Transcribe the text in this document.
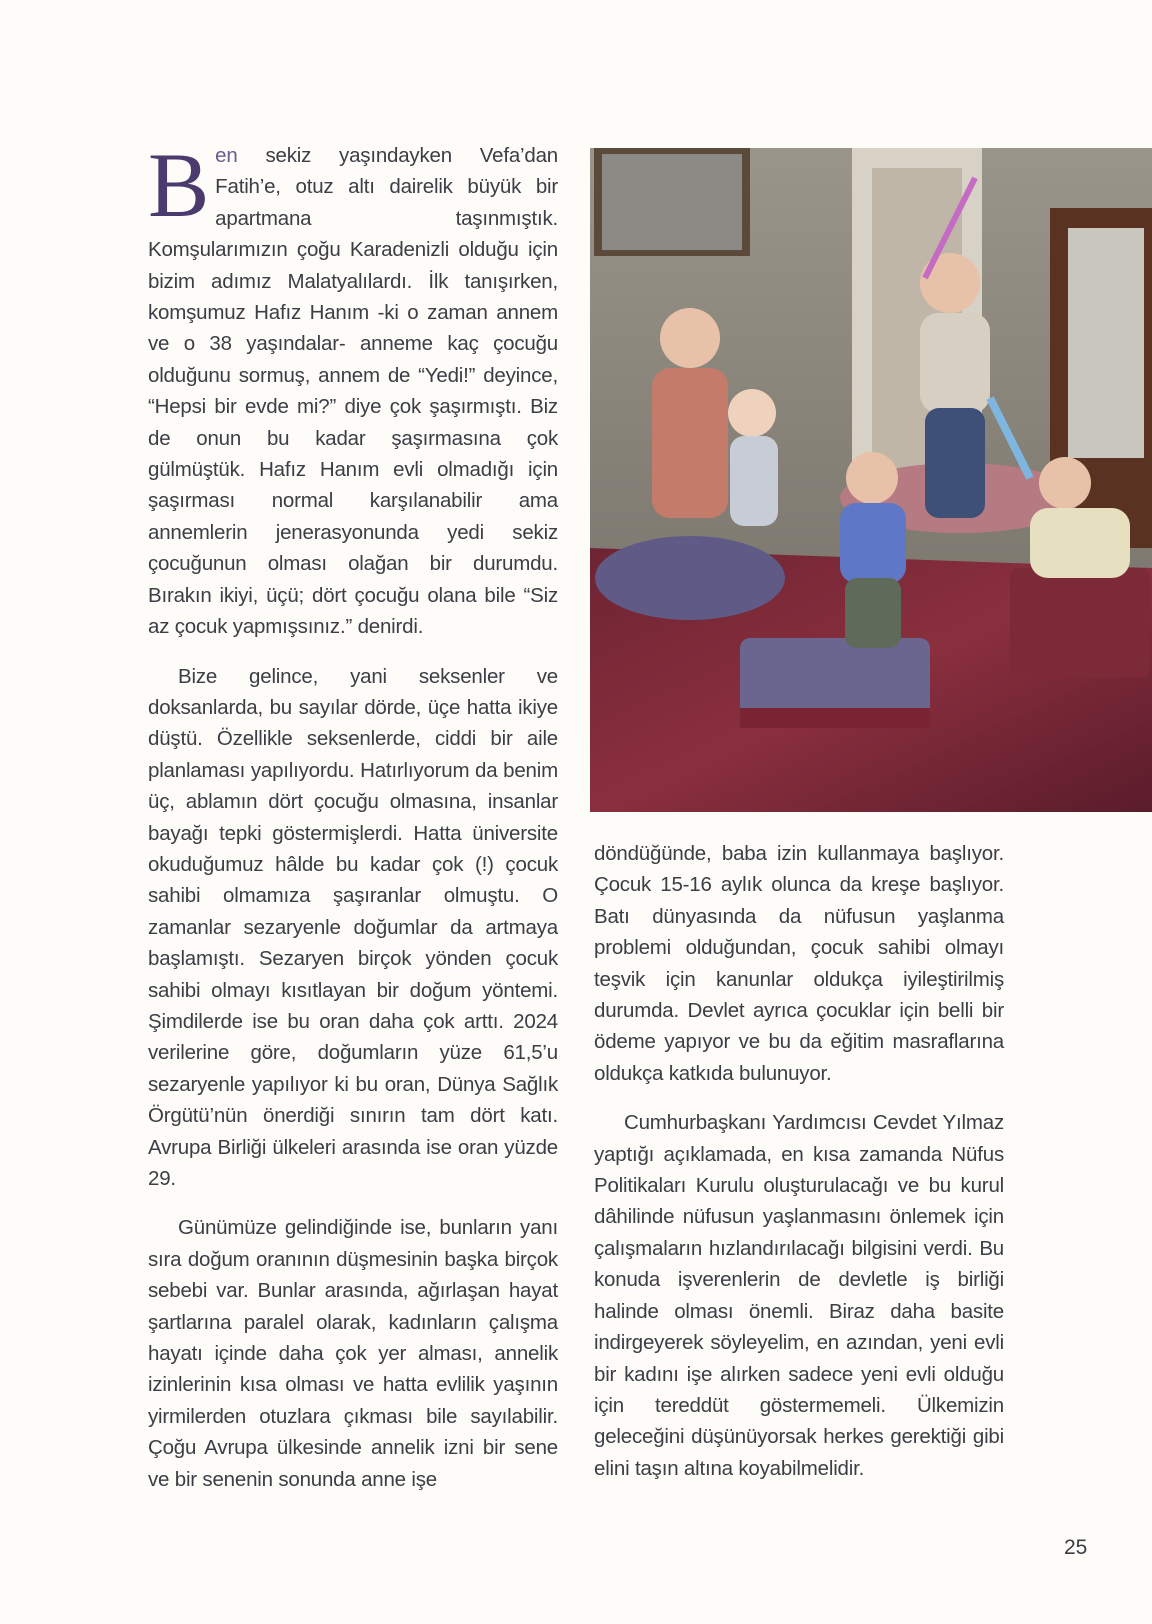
Ben sekiz yaşındayken Vefa’dan Fatih’e, otuz altı dairelik büyük bir apartmana taşınmıştık. Komşularımızın çoğu Karadenizli olduğu için bizim adımız Malatyalılardı. İlk tanışırken, komşumuz Hafız Hanım -ki o zaman annem ve o 38 yaşındalar- anneme kaç çocuğu olduğunu sormuş, annem de “Yedi!” deyince, “Hepsi bir evde mi?” diye çok şaşırmıştı. Biz de onun bu kadar şaşırmasına çok gülmüştük. Hafız Hanım evli olmadığı için şaşırması normal karşılanabilir ama annemlerin jenerasyonunda yedi sekiz çocuğunun olması olağan bir durumdu. Bırakın ikiyi, üçü; dört çocuğu olana bile “Siz az çocuk yapmışsınız.” denirdi.

Bize gelince, yani seksenler ve doksanlarda, bu sayılar dörde, üçe hatta ikiye düştü. Özellikle seksenlerde, ciddi bir aile planlaması yapılıyordu. Hatırlıyorum da benim üç, ablamın dört çocuğu olmasına, insanlar bayağı tepki göstermişlerdi. Hatta üniversite okuduğumuz hâlde bu kadar çok (!) çocuk sahibi olmamıza şaşıranlar olmuştu. O zamanlar sezaryenle doğumlar da artmaya başlamıştı. Sezaryen birçok yönden çocuk sahibi olmayı kısıtlayan bir doğum yöntemi. Şimdilerde ise bu oran daha çok arttı. 2024 verilerine göre, doğumların yüze 61,5’u sezaryenle yapılıyor ki bu oran, Dünya Sağlık Örgütü’nün önerdiği sınırın tam dört katı. Avrupa Birliği ülkeleri arasında ise oran yüzde 29.

Günümüze gelindiğinde ise, bunların yanı sıra doğum oranının düşmesinin başka birçok sebebi var. Bunlar arasında, ağırlaşan hayat şartlarına paralel olarak, kadınların çalışma hayatı içinde daha çok yer alması, annelik izinlerinin kısa olması ve hatta evlilik yaşının yirmilerden otuzlara çıkması bile sayılabilir. Çoğu Avrupa ülkesinde annelik izni bir sene ve bir senenin sonunda anne işe

döndüğünde, baba izin kullanmaya başlıyor. Çocuk 15-16 aylık olunca da kreşe başlıyor. Batı dünyasında da nüfusun yaşlanma problemi olduğundan, çocuk sahibi olmayı teşvik için kanunlar oldukça iyileştirilmiş durumda. Devlet ayrıca çocuklar için belli bir ödeme yapıyor ve bu da eğitim masraflarına oldukça katkıda bulunuyor.

Cumhurbaşkanı Yardımcısı Cevdet Yılmaz yaptığı açıklamada, en kısa zamanda Nüfus Politikaları Kurulu oluşturulacağı ve bu kurul dâhilinde nüfusun yaşlanmasını önlemek için çalışmaların hızlandırılacağı bilgisini verdi. Bu konuda işverenlerin de devletle iş birliği halinde olması önemli. Biraz daha basite indirgeyerek söyleyelim, en azından, yeni evli bir kadını işe alırken sadece yeni evli olduğu için tereddüt göstermemeli. Ülkemizin geleceğini düşünüyorsak herkes gerektiği gibi elini taşın altına koyabilmelidir.

25
